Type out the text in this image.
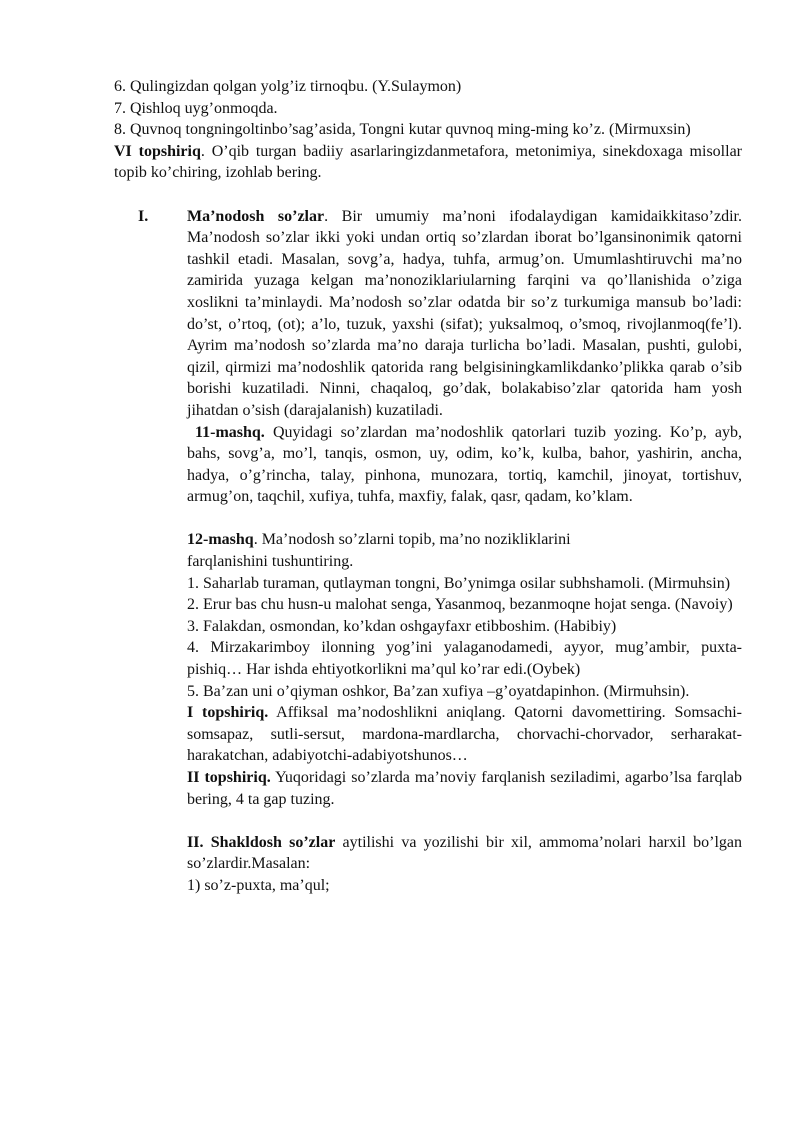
6. Qulingizdan qolgan yolg’iz tirnoqbu. (Y.Sulaymon)

7. Qishloq uyg’onmoqda.

8. Quvnoq tongningoltinbo’sag’asida, Tongni kutar quvnoq ming-ming ko’z. (Mirmuxsin)

VI topshiriq. O’qib turgan badiiy asarlaringizdanmetafora, metonimiya, sinekdoxaga misollar topib ko’chiring, izohlab bering.

I. Ma’nodosh so’zlar. Bir umumiy ma’noni ifodalaydigan kamidaikkitaso’zdir. Ma’nodosh so’zlar ikki yoki undan ortiq so’zlardan iborat bo’lgansinonimik qatorni tashkil etadi. Masalan, sovg’a, hadya, tuhfa, armug’on. Umumlashtiruvchi ma’no zamirida yuzaga kelgan ma’nonoziklariularning farqini va qo’llanishida o’ziga xoslikni ta’minlaydi. Ma’nodosh so’zlar odatda bir so’z turkumiga mansub bo’ladi: do’st, o’rtoq, (ot); a’lo, tuzuk, yaxshi (sifat); yuksalmoq, o’smoq, rivojlanmoq(fe’l). Ayrim ma’nodosh so’zlarda ma’no daraja turlicha bo’ladi. Masalan, pushti, gulobi, qizil, qirmizi ma’nodoshlik qatorida rang belgisiningkamlikdanko’plikka qarab o’sib borishi kuzatiladi. Ninni, chaqaloq, go’dak, bolakabiso’zlar qatorida ham yosh jihatdan o’sish (darajalanish) kuzatiladi.

11-mashq. Quyidagi so’zlardan ma’nodoshlik qatorlari tuzib yozing. Ko’p, ayb, bahs, sovg’a, mo’l, tanqis, osmon, uy, odim, ko’k, kulba, bahor, yashirin, ancha, hadya, o’g’rincha, talay, pinhona, munozara, tortiq, kamchil, jinoyat, tortishuv, armug’on, taqchil, xufiya, tuhfa, maxfiy, falak, qasr, qadam, ko’klam.

12-mashq. Ma’nodosh so’zlarni topib, ma’no nozikliklarini

farqlanishini tushuntiring.

1. Saharlab turaman, qutlayman tongni, Bo’ynimga osilar subhshamoli. (Mirmuhsin)

2. Erur bas chu husn-u malohat senga, Yasanmoq, bezanmoqne hojat senga. (Navoiy)

3. Falakdan, osmondan, ko’kdan oshgayfaxr etibboshim. (Habibiy)

4. Mirzakarimboy ilonning yog’ini yalaganodamedi, ayyor, mug’ambir, puxta-pishiq… Har ishda ehtiyotkorlikni ma’qul ko’rar edi.(Oybek)

5. Ba’zan uni o’qiyman oshkor, Ba’zan xufiya –g’oyatdapinhon. (Mirmuhsin).

I topshiriq. Affiksal ma’nodoshlikni aniqlang. Qatorni davomettiring. Somsachi-somsapaz, sutli-sersut, mardona-mardlarcha, chorvachi-chorvador, serharakat-harakatchan, adabiyotchi-adabiyotshunos…

II topshiriq. Yuqoridagi so’zlarda ma’noviy farqlanish seziladimi, agarbo’lsa farqlab bering, 4 ta gap tuzing.

II. Shakldosh so’zlar aytilishi va yozilishi bir xil, ammoma’nolari harxil bo’lgan so’zlardir.Masalan:

1) so’z-puxta, ma’qul;
